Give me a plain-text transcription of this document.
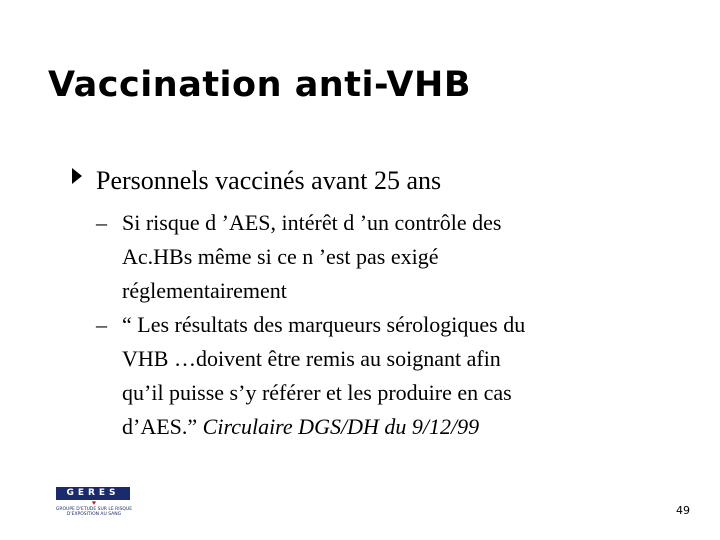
Vaccination anti-VHB
Personnels vaccinés avant 25 ans
– Si risque d ’AES, intérêt d ’un contrôle des
Ac.HBs même si ce n ’est pas exigé
réglementairement
– “ Les résultats des marqueurs sérologiques du
VHB …doivent être remis au soignant afin
qu’il puisse s’y référer et les produire en cas
d’AES.” Circulaire DGS/DH du 9/12/99
GERES
♥
GROUPE D'ETUDE SUR LE RISQUE
D'EXPOSITION AU SANG	49
